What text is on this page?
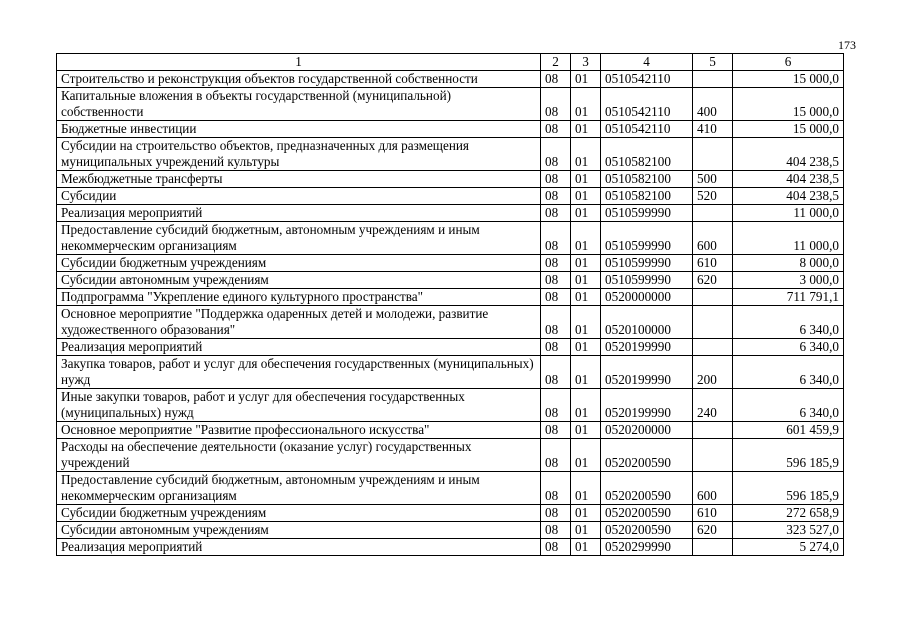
173
1	2	3	4	5	6
Строительство и реконструкция объектов государственной собственности	08	01	0510542110		15 000,0
Капитальные вложения в объекты государственной (муниципальной) собственности	08	01	0510542110	400	15 000,0
Бюджетные инвестиции	08	01	0510542110	410	15 000,0
Субсидии на строительство объектов, предназначенных для размещения муниципальных учреждений культуры	08	01	0510582100		404 238,5
Межбюджетные трансферты	08	01	0510582100	500	404 238,5
Субсидии	08	01	0510582100	520	404 238,5
Реализация мероприятий	08	01	0510599990		11 000,0
Предоставление субсидий бюджетным, автономным учреждениям и иным некоммерческим организациям	08	01	0510599990	600	11 000,0
Субсидии бюджетным учреждениям	08	01	0510599990	610	8 000,0
Субсидии автономным учреждениям	08	01	0510599990	620	3 000,0
Подпрограмма "Укрепление единого культурного пространства"	08	01	0520000000		711 791,1
Основное мероприятие "Поддержка одаренных детей и молодежи, развитие художественного образования"	08	01	0520100000		6 340,0
Реализация мероприятий	08	01	0520199990		6 340,0
Закупка товаров, работ и услуг для обеспечения государственных (муниципальных) нужд	08	01	0520199990	200	6 340,0
Иные закупки товаров, работ и услуг для обеспечения государственных (муниципальных) нужд	08	01	0520199990	240	6 340,0
Основное мероприятие "Развитие профессионального искусства"	08	01	0520200000		601 459,9
Расходы на обеспечение деятельности (оказание услуг) государственных учреждений	08	01	0520200590		596 185,9
Предоставление субсидий бюджетным, автономным учреждениям и иным некоммерческим организациям	08	01	0520200590	600	596 185,9
Субсидии бюджетным учреждениям	08	01	0520200590	610	272 658,9
Субсидии автономным учреждениям	08	01	0520200590	620	323 527,0
Реализация мероприятий	08	01	0520299990		5 274,0
